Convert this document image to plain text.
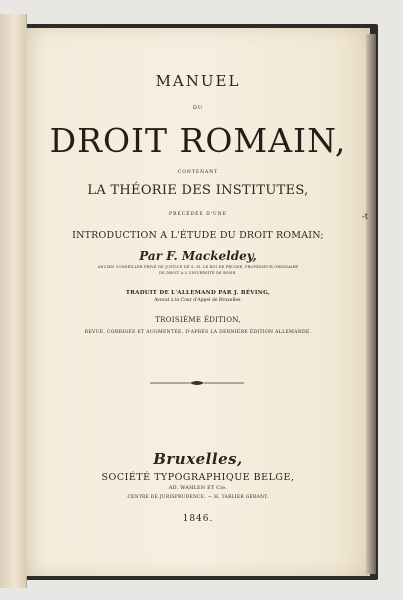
MANUEL
DU
DROIT ROMAIN,
CONTENANT
LA THÉORIE DES INSTITUTES,
PRÉCÉDÉE D'UNE
INTRODUCTION A L'ÉTUDE DU DROIT ROMAIN;
Par F. Mackeldey,
ANCIEN CONSEILLER PRIVÉ DE JUSTICE DE S. M. LE ROI DE PRUSSE, PROFESSEUR ORDINAIRE
DE DROIT A L'UNIVERSITÉ DE BONN.
TRADUIT DE L'ALLEMAND PAR J. BÉVING,
Avocat à la Cour d'Appel de Bruxelles.
TROISIÈME ÉDITION,
REVUE, CORRIGÉE ET AUGMENTÉE, D'APRÈS LA DERNIÈRE ÉDITION ALLEMANDE.
Bruxelles,
SOCIÉTÉ TYPOGRAPHIQUE BELGE,
AD. WAHLEN ET Cie.
CENTRE DE JURISPRUDENCE. — H. TARLIER GÉRANT.
1846.
-t
